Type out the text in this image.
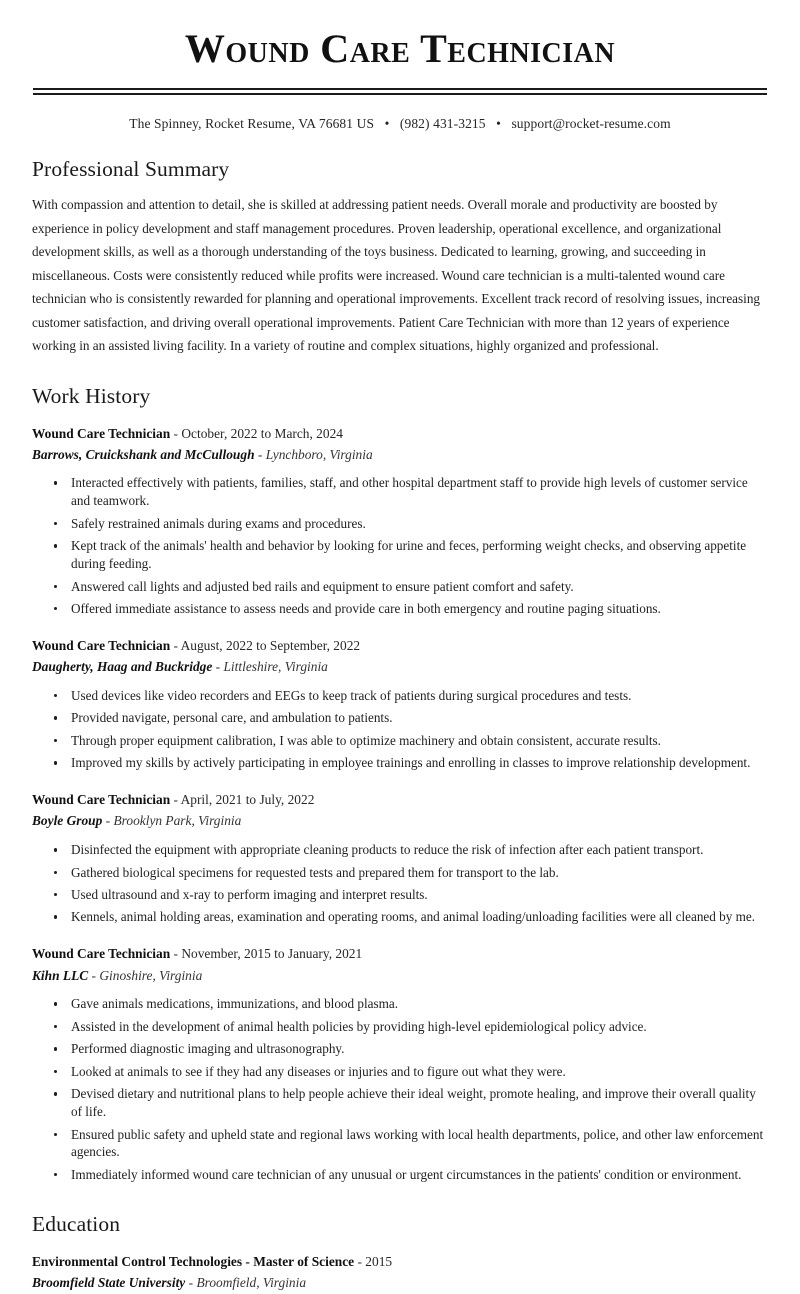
Wound Care Technician
The Spinney, Rocket Resume, VA 76681 US • (982) 431-3215 • support@rocket-resume.com
Professional Summary

With compassion and attention to detail, she is skilled at addressing patient needs. Overall morale and productivity are boosted by experience in policy development and staff management procedures. Proven leadership, operational excellence, and organizational development skills, as well as a thorough understanding of the toys business. Dedicated to learning, growing, and succeeding in miscellaneous. Costs were consistently reduced while profits were increased. Wound care technician is a multi-talented wound care technician who is consistently rewarded for planning and operational improvements. Excellent track record of resolving issues, increasing customer satisfaction, and driving overall operational improvements. Patient Care Technician with more than 12 years of experience working in an assisted living facility. In a variety of routine and complex situations, highly organized and professional.

Work History
Wound Care Technician - October, 2022 to March, 2024
Barrows, Cruickshank and McCullough - Lynchboro, Virginia
Interacted effectively with patients, families, staff, and other hospital department staff to provide high levels of customer service and teamwork.
Safely restrained animals during exams and procedures.
Kept track of the animals' health and behavior by looking for urine and feces, performing weight checks, and observing appetite during feeding.
Answered call lights and adjusted bed rails and equipment to ensure patient comfort and safety.
Offered immediate assistance to assess needs and provide care in both emergency and routine paging situations.
Wound Care Technician - August, 2022 to September, 2022
Daugherty, Haag and Buckridge - Littleshire, Virginia
Used devices like video recorders and EEGs to keep track of patients during surgical procedures and tests.
Provided navigate, personal care, and ambulation to patients.
Through proper equipment calibration, I was able to optimize machinery and obtain consistent, accurate results.
Improved my skills by actively participating in employee trainings and enrolling in classes to improve relationship development.
Wound Care Technician - April, 2021 to July, 2022
Boyle Group - Brooklyn Park, Virginia
Disinfected the equipment with appropriate cleaning products to reduce the risk of infection after each patient transport.
Gathered biological specimens for requested tests and prepared them for transport to the lab.
Used ultrasound and x-ray to perform imaging and interpret results.
Kennels, animal holding areas, examination and operating rooms, and animal loading/unloading facilities were all cleaned by me.
Wound Care Technician - November, 2015 to January, 2021
Kihn LLC - Ginoshire, Virginia
Gave animals medications, immunizations, and blood plasma.
Assisted in the development of animal health policies by providing high-level epidemiological policy advice.
Performed diagnostic imaging and ultrasonography.
Looked at animals to see if they had any diseases or injuries and to figure out what they were.
Devised dietary and nutritional plans to help people achieve their ideal weight, promote healing, and improve their overall quality of life.
Ensured public safety and upheld state and regional laws working with local health departments, police, and other law enforcement agencies.
Immediately informed wound care technician of any unusual or urgent circumstances in the patients' condition or environment.
Education
Environmental Control Technologies - Master of Science - 2015
Broomfield State University - Broomfield, Virginia
